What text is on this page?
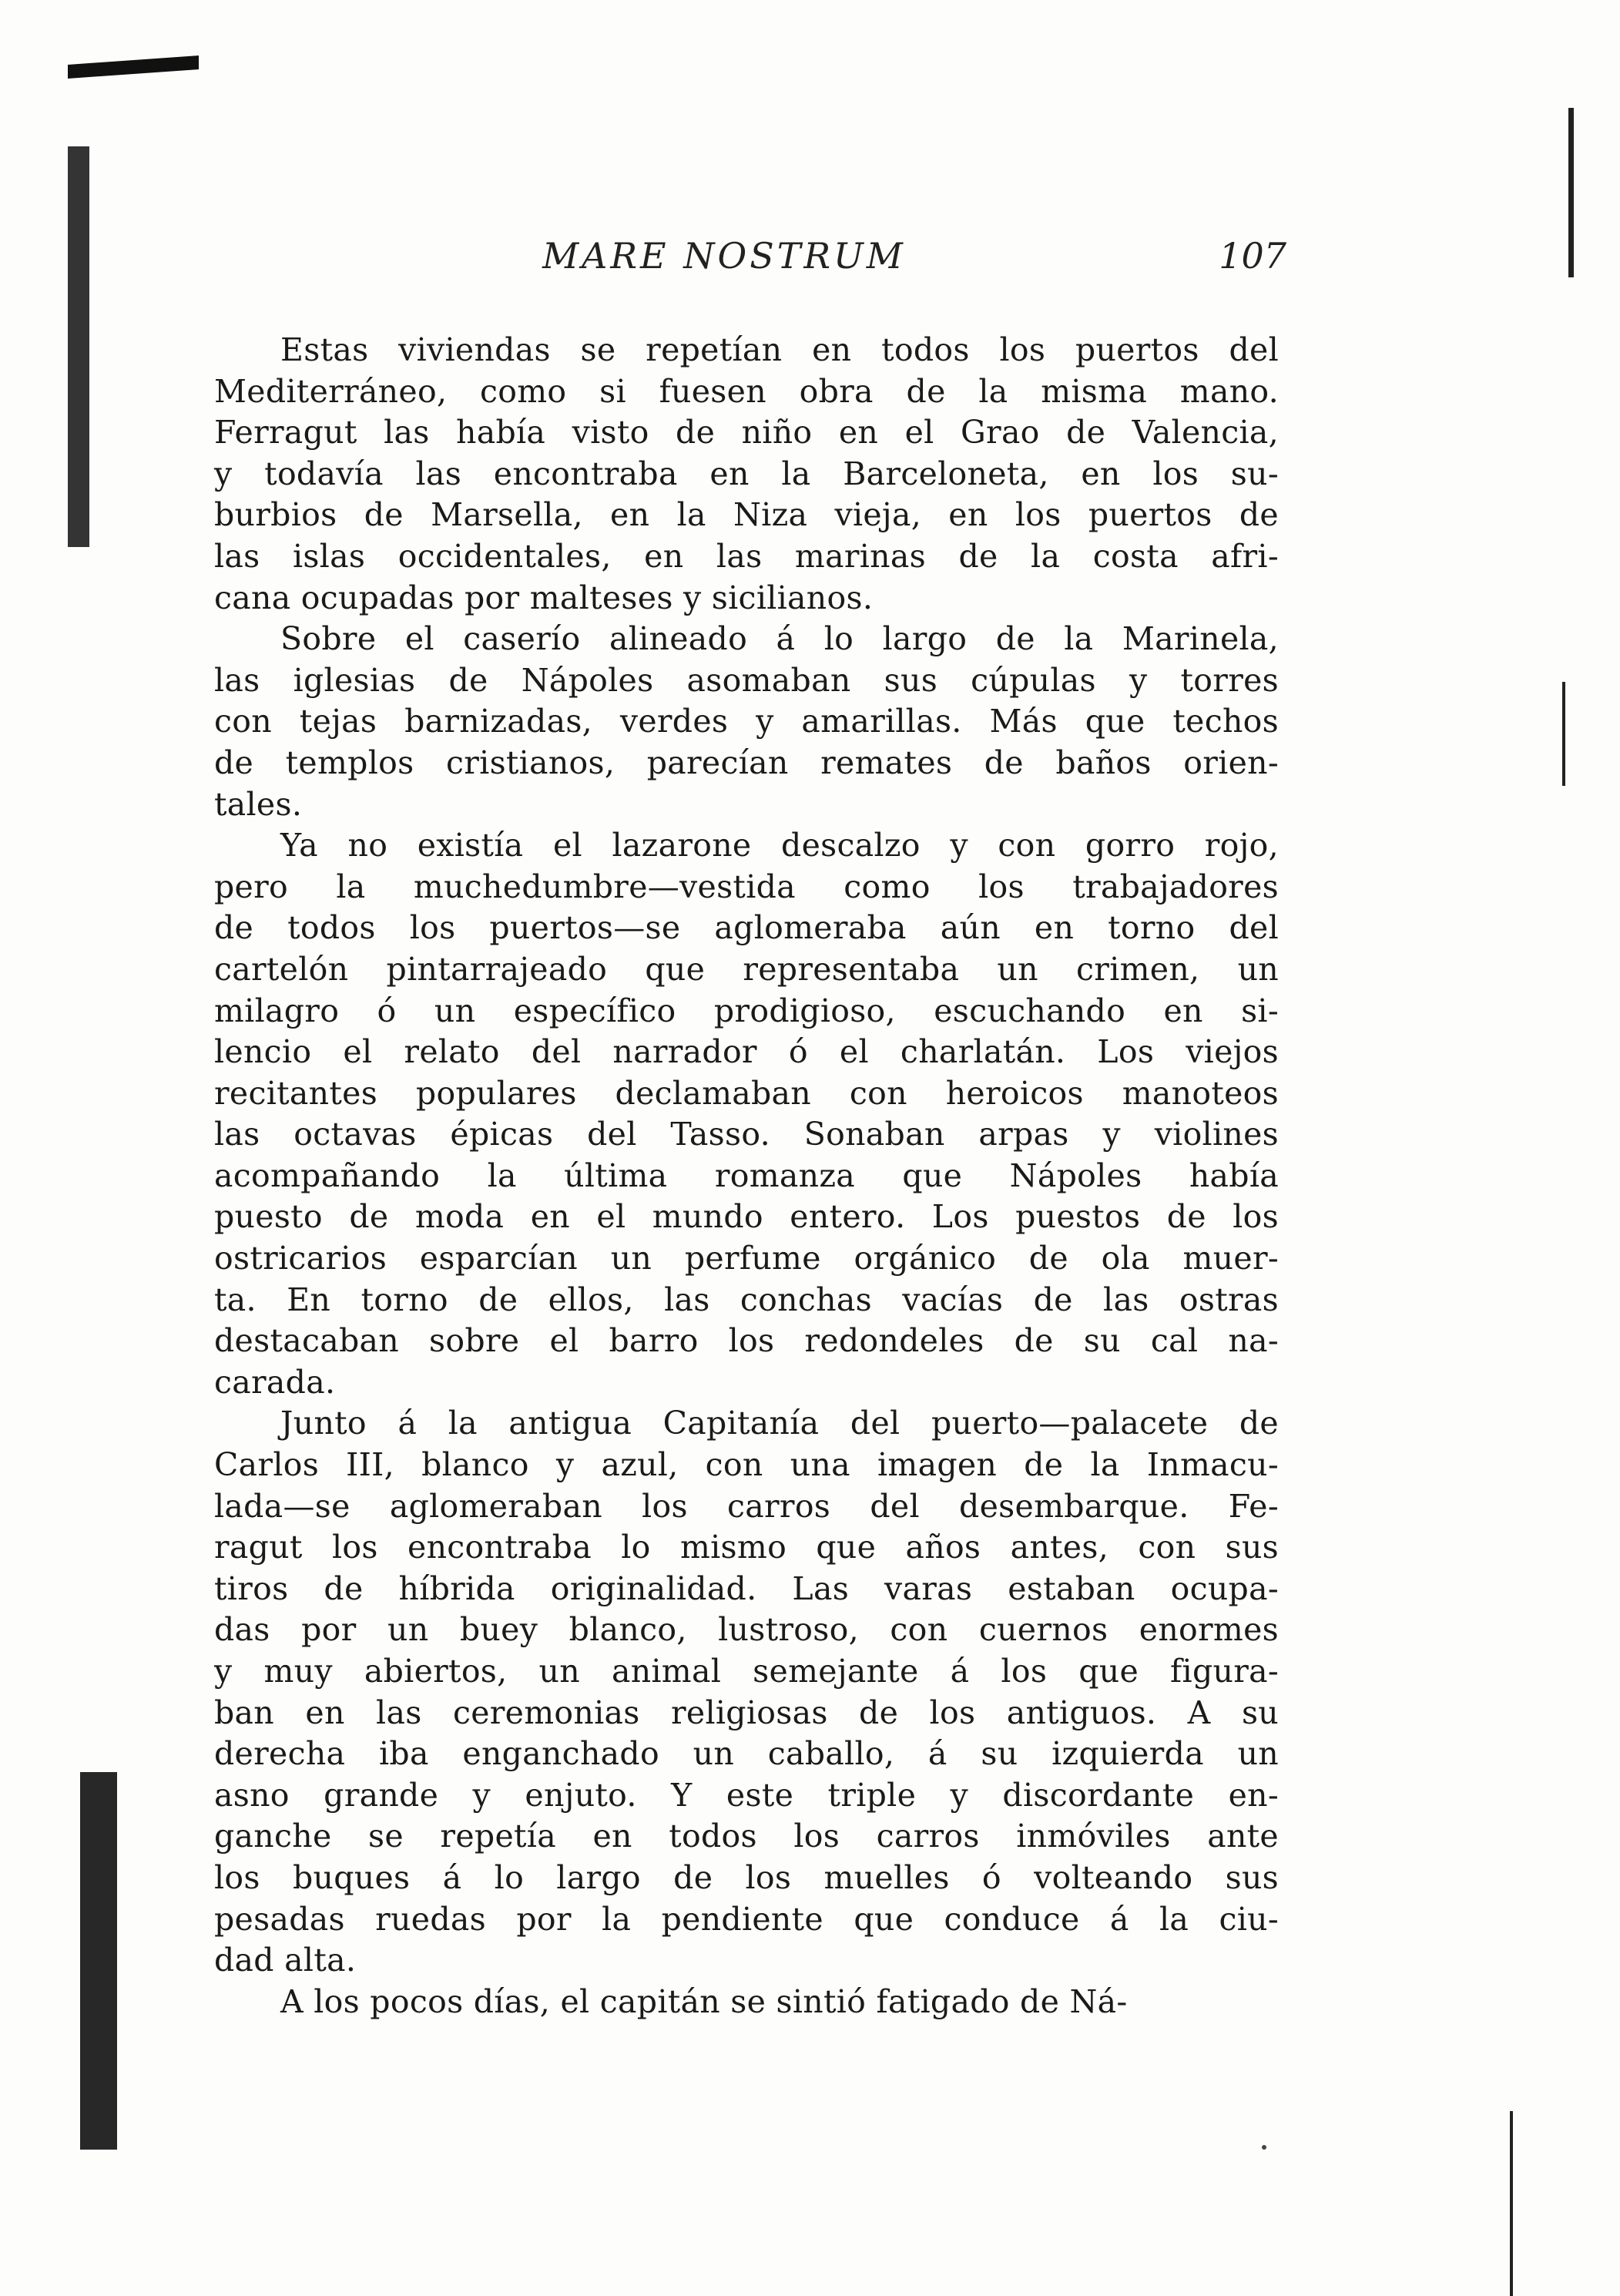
MARE NOSTRUM	107
Estas viviendas se repetían en todos los puertos del
Mediterráneo, como si fuesen obra de la misma mano.
Ferragut las había visto de niño en el Grao de Valencia,
y todavía las encontraba en la Barceloneta, en los su-
burbios de Marsella, en la Niza vieja, en los puertos de
las islas occidentales, en las marinas de la costa afri-
cana ocupadas por malteses y sicilianos.
Sobre el caserío alineado á lo largo de la Marinela,
las iglesias de Nápoles asomaban sus cúpulas y torres
con tejas barnizadas, verdes y amarillas. Más que techos
de templos cristianos, parecían remates de baños orien-
tales.
Ya no existía el lazarone descalzo y con gorro rojo,
pero la muchedumbre—vestida como los trabajadores
de todos los puertos—se aglomeraba aún en torno del
cartelón pintarrajeado que representaba un crimen, un
milagro ó un específico prodigioso, escuchando en si-
lencio el relato del narrador ó el charlatán. Los viejos
recitantes populares declamaban con heroicos manoteos
las octavas épicas del Tasso. Sonaban arpas y violines
acompañando la última romanza que Nápoles había
puesto de moda en el mundo entero. Los puestos de los
ostricarios esparcían un perfume orgánico de ola muer-
ta. En torno de ellos, las conchas vacías de las ostras
destacaban sobre el barro los redondeles de su cal na-
carada.
Junto á la antigua Capitanía del puerto—palacete de
Carlos III, blanco y azul, con una imagen de la Inmacu-
lada—se aglomeraban los carros del desembarque. Fe-
ragut los encontraba lo mismo que años antes, con sus
tiros de híbrida originalidad. Las varas estaban ocupa-
das por un buey blanco, lustroso, con cuernos enormes
y muy abiertos, un animal semejante á los que figura-
ban en las ceremonias religiosas de los antiguos. A su
derecha iba enganchado un caballo, á su izquierda un
asno grande y enjuto. Y este triple y discordante en-
ganche se repetía en todos los carros inmóviles ante
los buques á lo largo de los muelles ó volteando sus
pesadas ruedas por la pendiente que conduce á la ciu-
dad alta.
A los pocos días, el capitán se sintió fatigado de Ná-
